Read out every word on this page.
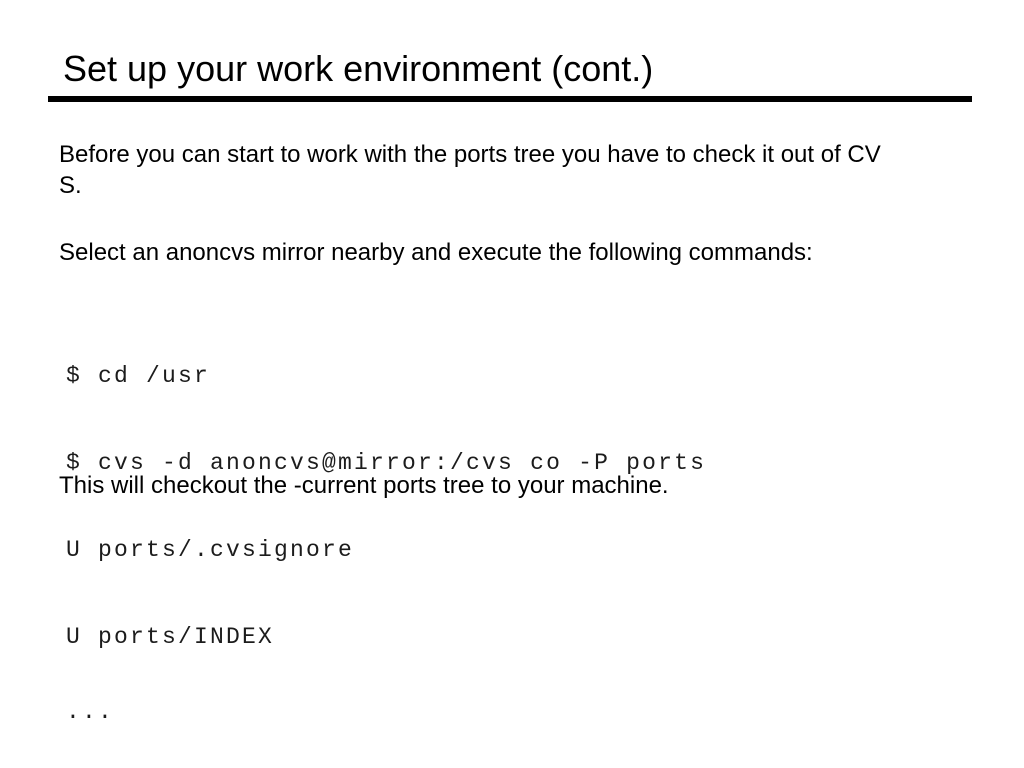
Set up your work environment (cont.)
Before you can start to work with the ports tree you have to check it out of CV
S.
Select an anoncvs mirror nearby and execute the following commands:

$ cd /usr

$ cvs -d anoncvs@mirror:/cvs co -P ports

U ports/.cvsignore

U ports/INDEX

...

This will checkout the -current ports tree to your machine.
